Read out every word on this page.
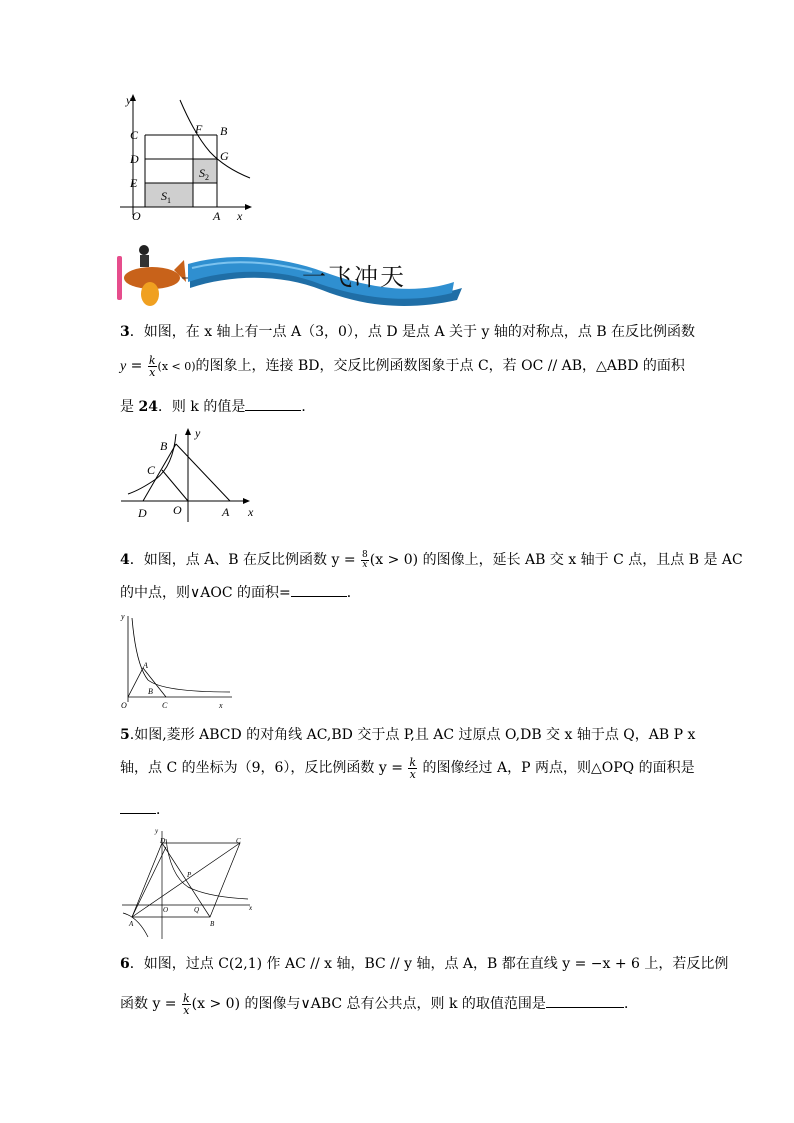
y
x
O	A
C
D
E
F B
G
$S_1$
$S_2$
一飞冲天
3．如图，在 x 轴上有一点 A（3，0），点 D 是点 A 关于 y 轴的对称点，点 B 在反比例函数
$y = \frac{k}{x} (x < 0)$的图象上，连接 BD，交反比例函数图象于点 C，若 OC // AB，△ABD 的面积
是 24．则 k 的值是	．
B
y
C
D O	A x
4．如图，点 A、B 在反比例函数 $y = \frac{8}{x} (x > 0)$ 的图像上，延长 AB 交 x 轴于 C 点，且点 B 是 AC
的中点，则∨AOC 的面积=	．
y
A
B
O	C	x
5.如图,菱形 ABCD 的对角线 AC,BD 交于点 P,且 AC 过原点 O,DB 交 x 轴于点 Q，AB P x
轴，点 C 的坐标为（9，6），反比例函数 $y = \frac{k}{x}$ 的图像经过 A，P 两点，则△OPQ 的面积是
．
y
D	C
P
O	Q	x
A	B
6．如图，过点 C(2,1) 作 AC // x 轴，BC // y 轴，点 A，B 都在直线 y = −x + 6 上，若反比例
函数 $y = \frac{k}{x} (x > 0)$ 的图像与∨ABC 总有公共点，则 k 的取值范围是	．
